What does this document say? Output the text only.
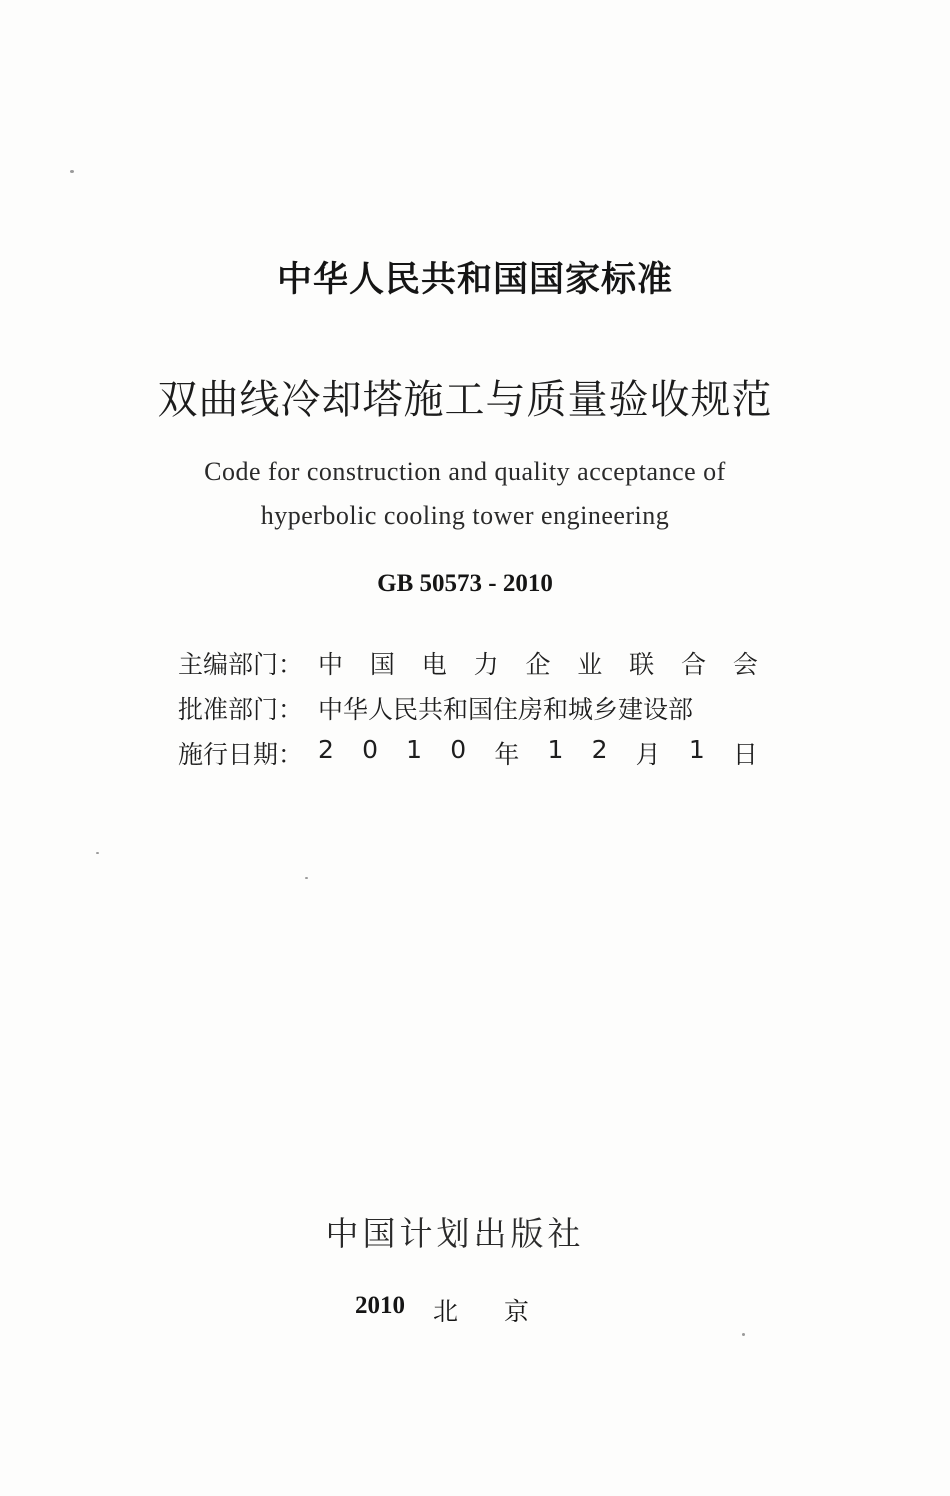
中华人民共和国国家标准
双曲线冷却塔施工与质量验收规范
Code for construction and quality acceptance of
hyperbolic cooling tower engineering
GB 50573 - 2010
主编部门： 中 国 电 力 企 业 联 合 会
批准部门： 中华人民共和国住房和城乡建设部
施行日期： 2 0 1 0 年 1 2 月 1 日
中国计划出版社
2010 北京
